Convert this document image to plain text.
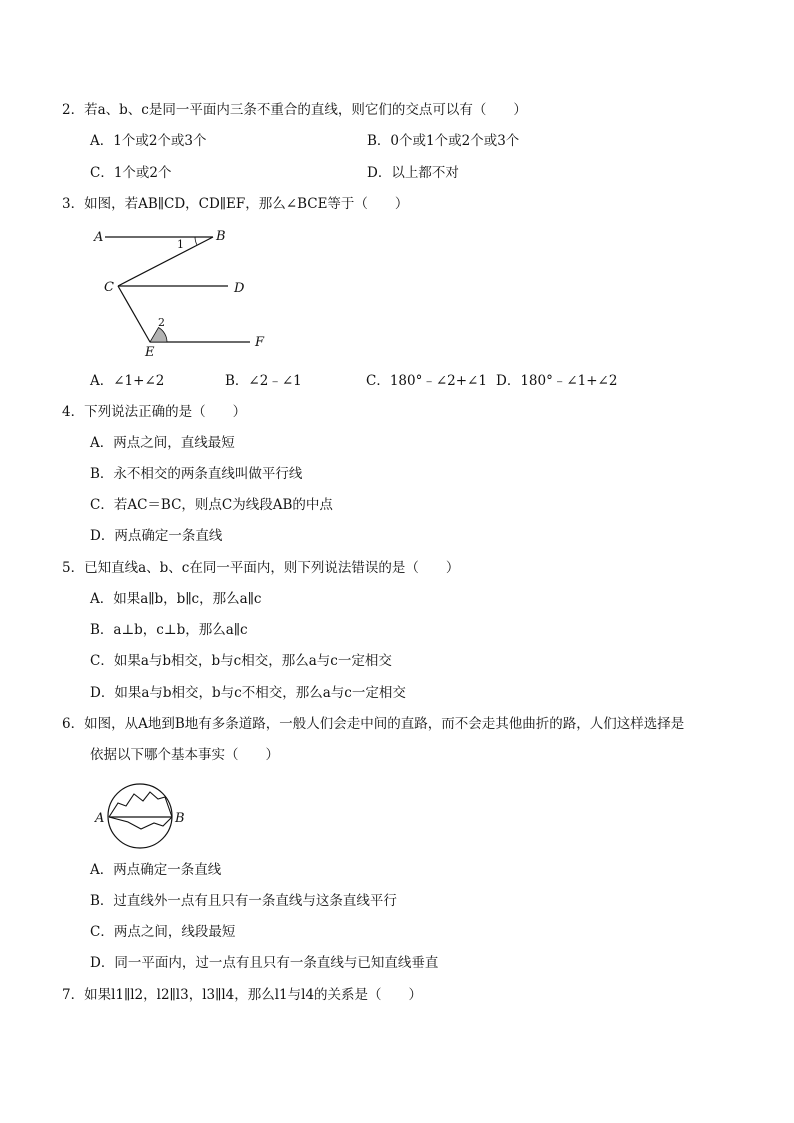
2．若a、b、c是同一平面内三条不重合的直线，则它们的交点可以有（　　）
A．1个或2个或3个	B．0个或1个或2个或3个
C．1个或2个	D．以上都不对
3．如图，若AB∥CD，CD∥EF，那么∠BCE等于（　　）
A	B
C	D
E
F
1
2
A．∠1+∠2	B．∠2﹣∠1	C．180°﹣∠2+∠1 D．180°﹣∠1+∠2
4．下列说法正确的是（　　）
A．两点之间，直线最短
B．永不相交的两条直线叫做平行线
C．若AC＝BC，则点C为线段AB的中点
D．两点确定一条直线
5．已知直线a、b、c在同一平面内，则下列说法错误的是（　　）
A．如果a∥b，b∥c，那么a∥c
B．a⊥b，c⊥b，那么a∥c
C．如果a与b相交，b与c相交，那么a与c一定相交
D．如果a与b相交，b与c不相交，那么a与c一定相交
6．如图，从A地到B地有多条道路，一般人们会走中间的直路，而不会走其他曲折的路，人们这样选择是
依据以下哪个基本事实（　　）
A	B
A．两点确定一条直线
B．过直线外一点有且只有一条直线与这条直线平行
C．两点之间，线段最短
D．同一平面内，过一点有且只有一条直线与已知直线垂直
7．如果l1∥l2，l2∥l3，l3∥l4，那么l1与l4的关系是（　　）
